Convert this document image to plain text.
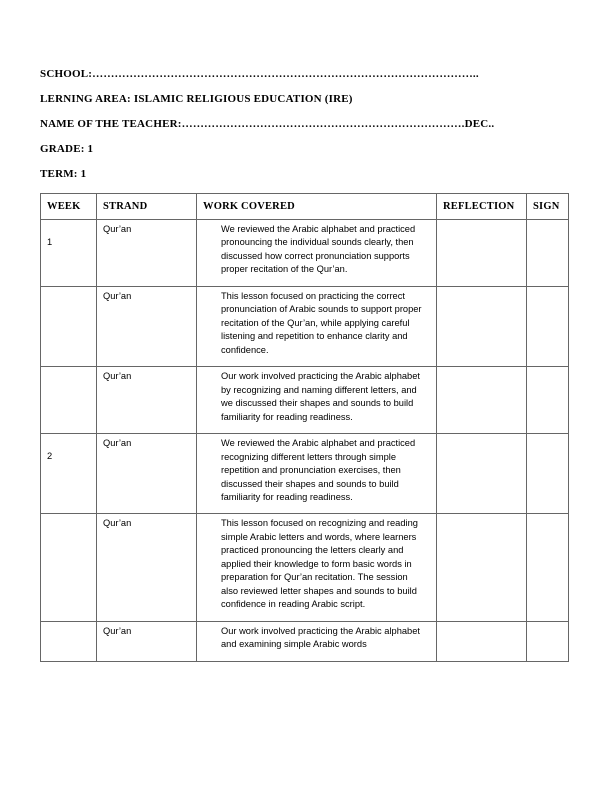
SCHOOL:…………………………………………………………………………………………..

LERNING AREA: ISLAMIC RELIGIOUS EDUCATION (IRE)

NAME OF THE TEACHER:………………………………………………………………….DEC..

GRADE: 1

TERM: 1

WEEK	STRAND	WORK COVERED	REFLECTION	SIGN
1	Qur’an	We reviewed the Arabic alphabet and practiced pronouncing the individual sounds clearly, then discussed how correct pronunciation supports proper recitation of the Qur’an.		
	Qur’an	This lesson focused on practicing the correct pronunciation of Arabic sounds to support proper recitation of the Qur’an, while applying careful listening and repetition to enhance clarity and confidence.		
	Qur’an	Our work involved practicing the Arabic alphabet by recognizing and naming different letters, and we discussed their shapes and sounds to build familiarity for reading readiness.		
2	Qur’an	We reviewed the Arabic alphabet and practiced recognizing different letters through simple repetition and pronunciation exercises, then discussed their shapes and sounds to build familiarity for reading readiness.		
	Qur’an	This lesson focused on recognizing and reading simple Arabic letters and words, where learners practiced pronouncing the letters clearly and applied their knowledge to form basic words in preparation for Qur’an recitation. The session also reviewed letter shapes and sounds to build confidence in reading Arabic script.		
	Qur’an	Our work involved practicing the Arabic alphabet and examining simple Arabic words		
